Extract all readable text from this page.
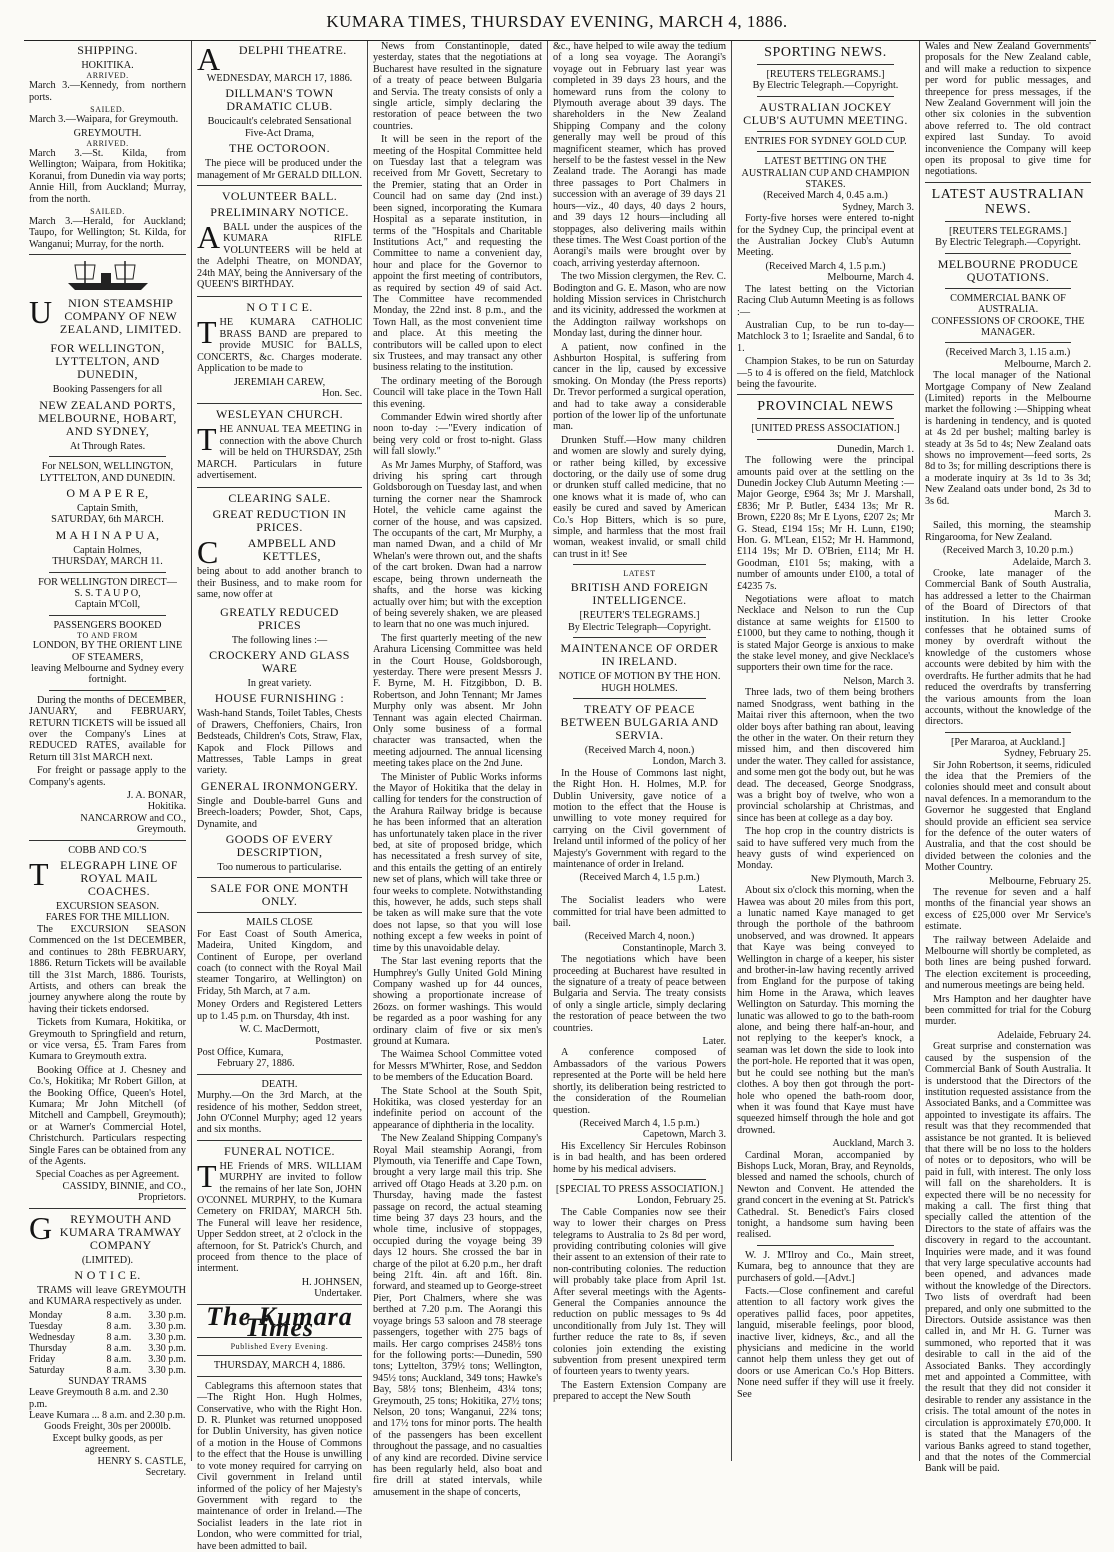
KUMARA TIMES, THURSDAY EVENING, MARCH 4, 1886.
SHIPPING.
HOKITIKA.
ARRIVED.

March 3.—Kennedy, from northern ports.

SAILED.

March 3.—Waipara, for Greymouth.

GREYMOUTH.
ARRIVED.

March 3.—St. Kilda, from Wellington; Waipara, from Hokitika; Koranui, from Dunedin via way ports; Annie Hill, from Auckland; Murray, from the north.

SAILED.

March 3.—Herald, for Auckland; Taupo, for Wellington; St. Kilda, for Wanganui; Murray, for the north.

U NION STEAMSHIP COMPANY OF NEW ZEALAND, LIMITED.
FOR WELLINGTON, LYTTELTON, AND DUNEDIN,
Booking Passengers for all
NEW ZEALAND PORTS, MELBOURNE, HOBART, AND SYDNEY,
At Through Rates.
For NELSON, WELLINGTON, LYTTELTON, AND DUNEDIN.
O M A P E R E,
Captain Smith,
SATURDAY, 6th MARCH.
M A H I N A P U A,
Captain Holmes,
THURSDAY, MARCH 11.
FOR WELLINGTON DIRECT—
S. S. T A U P O,
Captain M'Coll,
PASSENGERS BOOKED
TO AND FROM
LONDON, BY THE ORIENT LINE OF STEAMERS,
leaving Melbourne and Sydney every fortnight.

During the months of DECEMBER, JANUARY, and FEBRUARY, RETURN TICKETS will be issued all over the Company's Lines at REDUCED RATES, available for Return till 31st MARCH next.

For freight or passage apply to the Company's agents.

J. A. BONAR,
Hokitika.
NANCARROW and CO.,
Greymouth.
COBB AND CO.'S
TELEGRAPH LINE OF ROYAL MAIL COACHES.
EXCURSION SEASON.
FARES FOR THE MILLION.

The EXCURSION SEASON Commenced on the 1st DECEMBER, and continues to 28th FEBRUARY, 1886. Return Tickets will be available till the 31st March, 1886. Tourists, Artists, and others can break the journey anywhere along the route by having their tickets endorsed.

Tickets from Kumara, Hokitika, or Greymouth to Springfield and return, or vice versa, £5. Tram Fares from Kumara to Greymouth extra.

Booking Office at J. Chesney and Co.'s, Hokitika; Mr Robert Gillon, at the Booking Office, Queen's Hotel, Kumara; Mr John Mitchell (of Mitchell and Campbell, Greymouth); or at Warner's Commercial Hotel, Christchurch. Particulars respecting Single Fares can be obtained from any of the Agents.

Special Coaches as per Agreement.
CASSIDY, BINNIE, and CO.,
Proprietors.
G REYMOUTH AND KUMARA TRAMWAY COMPANY
(LIMITED).
N O T I C E.

TRAMS will leave GREYMOUTH and KUMARA respectively as under.

Monday	8 a.m.	3.30 p.m.
Tuesday	8 a.m.	3.30 p.m.
Wednesday	8 a.m.	3.30 p.m.
Thursday	8 a.m.	3.30 p.m.
Friday	8 a.m.	3.30 p.m.
Saturday	8 a.m.	3.30 p.m.
SUNDAY TRAMS
Leave Greymouth 8 a.m. and 2.30 p.m.
Leave Kumara ... 8 a.m. and 2.30 p.m.
Goods Freight, 30s per 2000lb.
Except bulky goods, as per agreement.
HENRY S. CASTLE,
Secretary.
A DELPHI THEATRE.
WEDNESDAY, MARCH 17, 1886.
DILLMAN'S TOWN DRAMATIC CLUB.
Boucicault's celebrated Sensational Five-Act Drama,
THE OCTOROON.

The piece will be produced under the management of Mr GERALD DILLON.

VOLUNTEER BALL.
PRELIMINARY NOTICE.

ABALL under the auspices of the KUMARA RIFLE VOLUNTEERS will be held at the Adelphi Theatre, on MONDAY, 24th MAY, being the Anniversary of the QUEEN'S BIRTHDAY.

N O T I C E.

THE KUMARA CATHOLIC BRASS BAND are prepared to provide MUSIC for BALLS, CONCERTS, &c. Charges moderate. Application to be made to

JEREMIAH CAREW,
Hon. Sec.
WESLEYAN CHURCH.

THE ANNUAL TEA MEETING in connection with the above Church will be held on THURSDAY, 25th MARCH. Particulars in future advertisement.

CLEARING SALE.
GREAT REDUCTION IN PRICES.
C AMPBELL AND KETTLES,

being about to add another branch to their Business, and to make room for same, now offer at

GREATLY REDUCED PRICES
The following lines :—
CROCKERY AND GLASS WARE
In great variety.
HOUSE FURNISHING :

Wash-hand Stands, Toilet Tables, Chests of Drawers, Cheffoniers, Chairs, Iron Bedsteads, Children's Cots, Straw, Flax, Kapok and Flock Pillows and Mattresses, Table Lamps in great variety.

GENERAL IRONMONGERY.

Single and Double-barrel Guns and Breech-loaders; Powder, Shot, Caps, Dynamite, and

GOODS OF EVERY DESCRIPTION,
Too numerous to particularise.
SALE FOR ONE MONTH ONLY.
MAILS CLOSE

For East Coast of South America, Madeira, United Kingdom, and Continent of Europe, per overland coach (to connect with the Royal Mail steamer Tongariro, at Wellington) on Friday, 5th March, at 7 a.m.

Money Orders and Registered Letters up to 1.45 p.m. on Thursday, 4th inst.

W. C. MacDermott,
Postmaster.
Post Office, Kumara,
February 27, 1886.
DEATH.

Murphy.—On the 3rd March, at the residence of his mother, Seddon street, John O'Connel Murphy; aged 12 years and six months.

FUNERAL NOTICE.

THE Friends of MRS. WILLIAM MURPHY are invited to follow the remains of her late Son, JOHN O'CONNEL MURPHY, to the Kumara Cemetery on FRIDAY, MARCH 5th. The Funeral will leave her residence, Upper Seddon street, at 2 o'clock in the afternoon, for St. Patrick's Church, and proceed from thence to the place of interment.

H. JOHNSEN,
Undertaker.
The Kumara Times
Published Every Evening.
THURSDAY, MARCH 4, 1886.

Cablegrams this afternoon states that—The Right Hon. Hugh Holmes, Conservative, who with the Right Hon. D. R. Plunket was returned unopposed for Dublin University, has given notice of a motion in the House of Commons to the effect that the House is unwilling to vote money required for carrying on Civil government in Ireland until informed of the policy of her Majesty's Government with regard to the maintenance of order in Ireland.—The Socialist leaders in the late riot in London, who were committed for trial, have been admitted to bail.

News from Constantinople, dated yesterday, states that the negotiations at Bucharest have resulted in the signature of a treaty of peace between Bulgaria and Servia. The treaty consists of only a single article, simply declaring the restoration of peace between the two countries.

It will be seen in the report of the meeting of the Hospital Committee held on Tuesday last that a telegram was received from Mr Govett, Secretary to the Premier, stating that an Order in Council had on same day (2nd inst.) been signed, incorporating the Kumara Hospital as a separate institution, in terms of the "Hospitals and Charitable Institutions Act," and requesting the Committee to name a convenient day, hour and place for the Governor to appoint the first meeting of contributors, as required by section 49 of said Act. The Committee have recommended Monday, the 22nd inst. 8 p.m., and the Town Hall, as the most convenient time and place. At this meeting the contributors will be called upon to elect six Trustees, and may transact any other business relating to the institution.

The ordinary meeting of the Borough Council will take place in the Town Hall this evening.

Commander Edwin wired shortly after noon to-day :—"Every indication of being very cold or frost to-night. Glass will fall slowly."

As Mr James Murphy, of Stafford, was driving his spring cart through Goldsborough on Tuesday last, and when turning the corner near the Shamrock Hotel, the vehicle came against the corner of the house, and was capsized. The occupants of the cart, Mr Murphy, a man named Dwan, and a child of Mr Whelan's were thrown out, and the shafts of the cart broken. Dwan had a narrow escape, being thrown underneath the shafts, and the horse was kicking actually over him; but with the exception of being severely shaken, we are pleased to learn that no one was much injured.

The first quarterly meeting of the new Arahura Licensing Committee was held in the Court House, Goldsborough, yesterday. There were present Messrs J. F. Byrne, M. H. Fitzgibbon, D. B. Robertson, and John Tennant; Mr James Murphy only was absent. Mr John Tennant was again elected Chairman. Only some business of a formal character was transacted, when the meeting adjourned. The annual licensing meeting takes place on the 2nd June.

The Minister of Public Works informs the Mayor of Hokitika that the delay in calling for tenders for the construction of the Arahura Railway bridge is because he has been informed that an alteration has unfortunately taken place in the river bed, at site of proposed bridge, which has necessitated a fresh survey of site, and this entails the getting of an entirely new set of plans, which will take three or four weeks to complete. Notwithstanding this, however, he adds, such steps shall be taken as will make sure that the vote does not lapse, so that you will lose nothing except a few weeks in point of time by this unavoidable delay.

The Star last evening reports that the Humphrey's Gully United Gold Mining Company washed up for 44 ounces, showing a proportionate increase of 26ozs. on former washings. This would be regarded as a poor washing for any ordinary claim of five or six men's ground at Kumara.

The Waimea School Committee voted for Messrs M'Whirter, Rose, and Seddon to be members of the Education Board.

The State School at the South Spit, Hokitika, was closed yesterday for an indefinite period on account of the appearance of diphtheria in the locality.

The New Zealand Shipping Company's Royal Mail steamship Aorangi, from Plymouth, via Teneriffe and Cape Town, brought a very large mail this trip. She arrived off Otago Heads at 3.20 p.m. on Thursday, having made the fastest passage on record, the actual steaming time being 37 days 23 hours, and the whole time, inclusive of stoppages, occupied during the voyage being 39 days 12 hours. She crossed the bar in charge of the pilot at 6.20 p.m., her draft being 21ft. 4in. aft and 16ft. 8in. forward, and steamed up to George-street Pier, Port Chalmers, where she was berthed at 7.20 p.m. The Aorangi this voyage brings 53 saloon and 78 steerage passengers, together with 275 bags of mails. Her cargo comprises 2458½ tons for the following ports:—Dunedin, 590 tons; Lyttelton, 379½ tons; Wellington, 945½ tons; Auckland, 349 tons; Hawke's Bay, 58½ tons; Blenheim, 43¼ tons; Greymouth, 25 tons; Hokitika, 27½ tons; Nelson, 20 tons; Wanganui, 22¾ tons; and 17½ tons for minor ports. The health of the passengers has been excellent throughout the passage, and no casualties of any kind are recorded. Divine service has been regularly held, also boat and fire drill at stated intervals, while amusement in the shape of concerts,

&c., have helped to wile away the tedium of a long sea voyage. The Aorangi's voyage out in February last year was completed in 39 days 23 hours, and the homeward runs from the colony to Plymouth average about 39 days. The shareholders in the New Zealand Shipping Company and the colony generally may well be proud of this magnificent steamer, which has proved herself to be the fastest vessel in the New Zealand trade. The Aorangi has made three passages to Port Chalmers in succession with an average of 39 days 21 hours—viz., 40 days, 40 days 2 hours, and 39 days 12 hours—including all stoppages, also delivering mails within these times. The West Coast portion of the Aorangi's mails were brought over by coach, arriving yesterday afternoon.

The two Mission clergymen, the Rev. C. Bodington and G. E. Mason, who are now holding Mission services in Christchurch and its vicinity, addressed the workmen at the Addington railway workshops on Monday last, during the dinner hour.

A patient, now confined in the Ashburton Hospital, is suffering from cancer in the lip, caused by excessive smoking. On Monday (the Press reports) Dr. Trevor performed a surgical operation, and had to take away a considerable portion of the lower lip of the unfortunate man.

Drunken Stuff.—How many children and women are slowly and surely dying, or rather being killed, by excessive doctoring, or the daily use of some drug or drunken stuff called medicine, that no one knows what it is made of, who can easily be cured and saved by American Co.'s Hop Bitters, which is so pure, simple, and harmless that the most frail woman, weakest invalid, or small child can trust in it! See

LATEST
BRITISH AND FOREIGN INTELLIGENCE.
[REUTER'S TELEGRAMS.]
By Electric Telegraph—Copyright.
MAINTENANCE OF ORDER IN IRELAND.
NOTICE OF MOTION BY THE HON. HUGH HOLMES.
TREATY OF PEACE BETWEEN BULGARIA AND SERVIA.
(Received March 4, noon.)
London, March 3.

In the House of Commons last night, the Right Hon. H. Holmes, M.P. for Dublin University, gave notice of a motion to the effect that the House is unwilling to vote money required for carrying on the Civil government of Ireland until informed of the policy of her Majesty's Government with regard to the maintenance of order in Ireland.

(Received March 4, 1.5 p.m.)
Latest.

The Socialist leaders who were committed for trial have been admitted to bail.

(Received March 4, noon.)
Constantinople, March 3.

The negotiations which have been proceeding at Bucharest have resulted in the signature of a treaty of peace between Bulgaria and Servia. The treaty consists of only a single article, simply declaring the restoration of peace between the two countries.

Later.

A conference composed of Ambassadors of the various Powers represented at the Porte will be held here shortly, its deliberation being restricted to the consideration of the Roumelian question.

(Received March 4, 1.5 p.m.)
Capetown, March 3.

His Excellency Sir Hercules Robinson is in bad health, and has been ordered home by his medical advisers.

[SPECIAL TO PRESS ASSOCIATION.]
London, February 25.

The Cable Companies now see their way to lower their charges on Press telegrams to Australia to 2s 8d per word, providing contributing colonies will give their assent to an extension of their rate to non-contributing colonies. The reduction will probably take place from April 1st. After several meetings with the Agents-General the Companies announce the reduction on public messages to 9s 4d unconditionally from July 1st. They will further reduce the rate to 8s, if seven colonies join extending the existing subvention from present unexpired term of fourteen years to twenty years.

The Eastern Extension Company are prepared to accept the New South

SPORTING NEWS.
[REUTERS TELEGRAMS.]
By Electric Telegraph.—Copyright.
AUSTRALIAN JOCKEY CLUB'S AUTUMN MEETING.
ENTRIES FOR SYDNEY GOLD CUP.
LATEST BETTING ON THE AUSTRALIAN CUP AND CHAMPION STAKES.
(Received March 4, 0.45 a.m.)
Sydney, March 3.

Forty-five horses were entered to-night for the Sydney Cup, the principal event at the Australian Jockey Club's Autumn Meeting.

(Received March 4, 1.5 p.m.)
Melbourne, March 4.

The latest betting on the Victorian Racing Club Autumn Meeting is as follows :—

Australian Cup, to be run to-day—Matchlock 3 to 1; Israelite and Sandal, 6 to 1.

Champion Stakes, to be run on Saturday—5 to 4 is offered on the field, Matchlock being the favourite.

PROVINCIAL NEWS
[UNITED PRESS ASSOCIATION.]
Dunedin, March 1.

The following were the principal amounts paid over at the settling on the Dunedin Jockey Club Autumn Meeting :—Major George, £964 3s; Mr J. Marshall, £836; Mr P. Butler, £434 13s; Mr R. Brown, £220 8s; Mr E Lyons, £207 2s; Mr G. Stead, £194 15s; Mr H. Lunn, £190; Hon. G. M'Lean, £152; Mr H. Hammond, £114 19s; Mr D. O'Brien, £114; Mr H. Goodman, £101 5s; making, with a number of amounts under £100, a total of £4235 7s.

Negotiations were afloat to match Necklace and Nelson to run the Cup distance at same weights for £1500 to £1000, but they came to nothing, though it is stated Major George is anxious to make the stake level money, and give Necklace's supporters their own time for the race.

Nelson, March 3.

Three lads, two of them being brothers named Snodgrass, went bathing in the Maitai river this afternoon, when the two older boys after bathing ran about, leaving the other in the water. On their return they missed him, and then discovered him under the water. They called for assistance, and some men got the body out, but he was dead. The deceased, George Snodgrass, was a bright boy of twelve, who won a provincial scholarship at Christmas, and since has been at college as a day boy.

The hop crop in the country districts is said to have suffered very much from the heavy gusts of wind experienced on Monday.

New Plymouth, March 3.

About six o'clock this morning, when the Hawea was about 20 miles from this port, a lunatic named Kaye managed to get through the porthole of the bathroom unobserved, and was drowned. It appears that Kaye was being conveyed to Wellington in charge of a keeper, his sister and brother-in-law having recently arrived from England for the purpose of taking him Home in the Arawa, which leaves Wellington on Saturday. This morning the lunatic was allowed to go to the bath-room alone, and being there half-an-hour, and not replying to the keeper's knock, a seaman was let down the side to look into the port-hole. He reported that it was open, but he could see nothing but the man's clothes. A boy then got through the port-hole who opened the bath-room door, when it was found that Kaye must have squeezed himself through the hole and got drowned.

Auckland, March 3.

Cardinal Moran, accompanied by Bishops Luck, Moran, Bray, and Reynolds, blessed and named the schools, church of Newton and Convent. He attended the grand concert in the evening at St. Patrick's Cathedral. St. Benedict's Fairs closed tonight, a handsome sum having been realised.

W. J. M'Ilroy and Co., Main street, Kumara, beg to announce that they are purchasers of gold.—[Advt.]

Facts.—Close confinement and careful attention to all factory work gives the operatives pallid faces, poor appetites, languid, miserable feelings, poor blood, inactive liver, kidneys, &c., and all the physicians and medicine in the world cannot help them unless they get out of doors or use American Co.'s Hop Bitters. None need suffer if they will use it freely. See

Wales and New Zealand Governments' proposals for the New Zealand cable, and will make a reduction to sixpence per word for public messages, and threepence for press messages, if the New Zealand Government will join the other six colonies in the subvention above referred to. The old contract expired last Sunday. To avoid inconvenience the Company will keep open its proposal to give time for negotiations.

LATEST AUSTRALIAN NEWS.
[REUTERS TELEGRAMS.]
By Electric Telegraph.—Copyright.
MELBOURNE PRODUCE QUOTATIONS.
COMMERCIAL BANK OF AUSTRALIA.
CONFESSIONS OF CROOKE, THE MANAGER.
(Received March 3, 1.15 a.m.)
Melbourne, March 2.

The local manager of the National Mortgage Company of New Zealand (Limited) reports in the Melbourne market the following :—Shipping wheat is hardening in tendency, and is quoted at 4s 2d per bushel; malting barley is steady at 3s 5d to 4s; New Zealand oats shows no improvement—feed sorts, 2s 8d to 3s; for milling descriptions there is a moderate inquiry at 3s 1d to 3s 3d; New Zealand oats under bond, 2s 3d to 3s 6d.

March 3.

Sailed, this morning, the steamship Ringarooma, for New Zealand.

(Received March 3, 10.20 p.m.)
Adelaide, March 3.

Crooke, late manager of the Commercial Bank of South Australia, has addressed a letter to the Chairman of the Board of Directors of that institution. In his letter Crooke confesses that he obtained sums of money by overdraft without the knowledge of the customers whose accounts were debited by him with the overdrafts. He further admits that he had reduced the overdrafts by transferring the various amounts from the loan accounts, without the knowledge of the directors.

[Per Mararoa, at Auckland.]
Sydney, February 25.

Sir John Robertson, it seems, ridiculed the idea that the Premiers of the colonies should meet and consult about naval defences. In a memorandum to the Governor he suggested that England should provide an efficient sea service for the defence of the outer waters of Australia, and that the cost should be divided between the colonies and the Mother Country.

Melbourne, February 25.

The revenue for seven and a half months of the financial year shows an excess of £25,000 over Mr Service's estimate.

The railway between Adelaide and Melbourne will shortly be completed, as both lines are being pushed forward. The election excitement is proceeding, and numerous meetings are being held.

Mrs Hampton and her daughter have been committed for trial for the Coburg murder.

Adelaide, February 24.

Great surprise and consternation was caused by the suspension of the Commercial Bank of South Australia. It is understood that the Directors of the institution requested assistance from the Associated Banks, and a Committee was appointed to investigate its affairs. The result was that they recommended that assistance be not granted. It is believed that there will be no loss to the holders of notes or to depositors, who will be paid in full, with interest. The only loss will fall on the shareholders. It is expected there will be no necessity for making a call. The first thing that specially called the attention of the Directors to the state of affairs was the discovery in regard to the accountant. Inquiries were made, and it was found that very large speculative accounts had been opened, and advances made without the knowledge of the Directors. Two lists of overdraft had been prepared, and only one submitted to the Directors. Outside assistance was then called in, and Mr H. G. Turner was summoned, who reported that it was desirable to call in the aid of the Associated Banks. They accordingly met and appointed a Committee, with the result that they did not consider it desirable to render any assistance in the crisis. The total amount of the notes in circulation is approximately £70,000. It is stated that the Managers of the various Banks agreed to stand together, and that the notes of the Commercial Bank will be paid.
